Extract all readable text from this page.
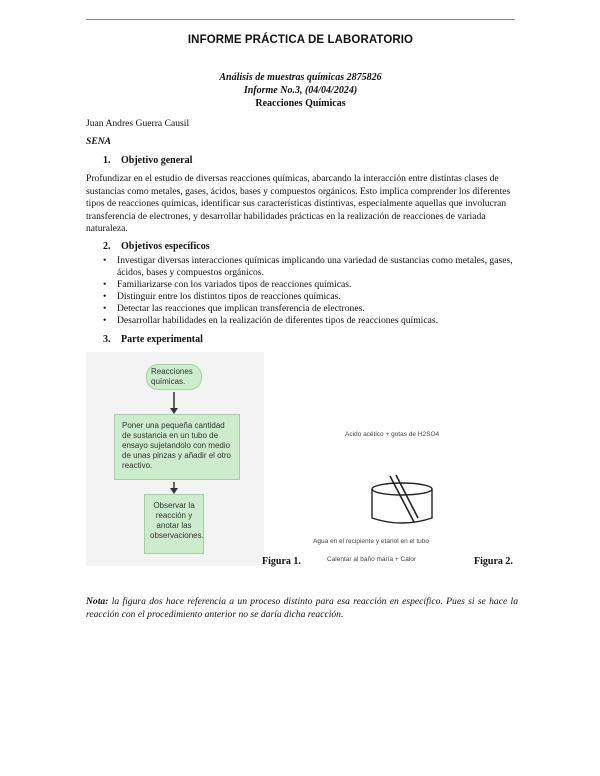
INFORME PRÁCTICA DE LABORATORIO
Análisis de muestras químicas 2875826
Informe No.3, (04/04/2024)
Reacciones Químicas
Juan Andres Guerra Causil
SENA
1. Objetivo general
Profundizar en el estudio de diversas reacciones químicas, abarcando la interacción entre distintas clases de sustancias como metales, gases, ácidos, bases y compuestos orgánicos. Esto implica comprender los diferentes tipos de reacciones químicas, identificar sus características distintivas, especialmente aquellas que involucran transferencia de electrones, y desarrollar habilidades prácticas en la realización de reacciones de variada naturaleza.
2. Objetivos específicos
• Investigar diversas interacciones químicas implicando una variedad de sustancias como metales, gases, ácidos, bases y compuestos orgánicos.
• Familiarizarse con los variados tipos de reacciones químicas.
• Distinguir entre los distintos tipos de reacciones químicas.
• Detectar las reacciones que implican transferencia de electrones.
• Desarrollar habilidades en la realización de diferentes tipos de reacciones químicas.
3. Parte experimental
Reacciones químicas.
Poner una pequeña cantidad de sustancia en un tubo de ensayo sujetandolo con medio de unas pinzas y añadir el otro reactivo.
Observar la reacción y anotar las observaciones.
Figura 1.
Acido acético + gotas de H2SO4
Agua en el recipiente y etanol en el tubo
Calentar al baño maría + Calor	Figura 2.
Nota: la figura dos hace referencia a un proceso distinto para esa reacción en específico. Pues si se hace la reacción con el procedimiento anterior no se daría dicha reacción.
